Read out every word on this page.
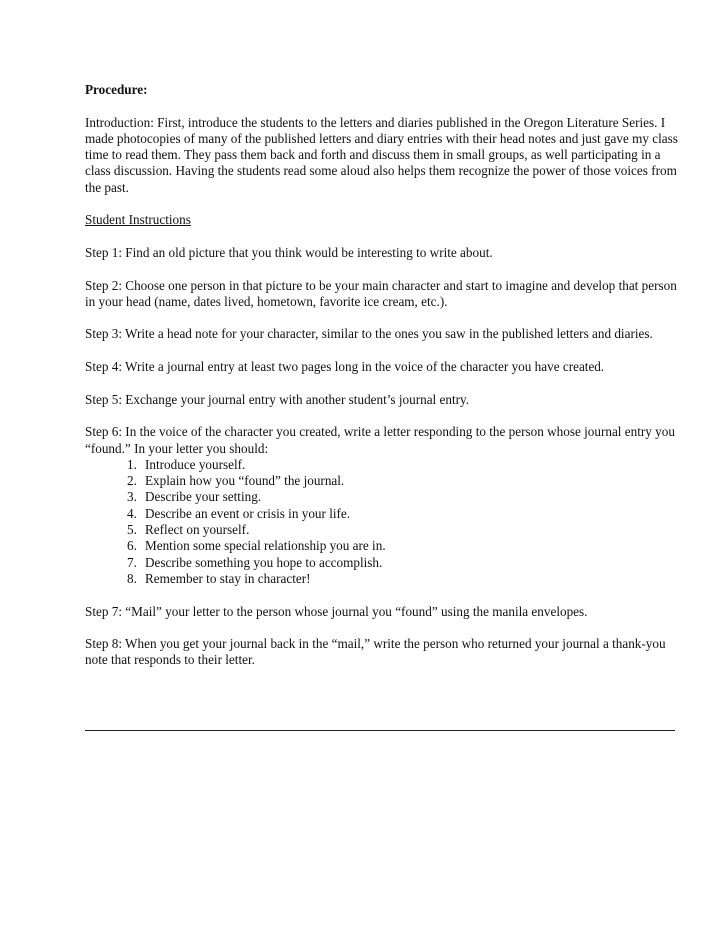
Procedure:

Introduction: First, introduce the students to the letters and diaries published in the Oregon Literature Series. I made photocopies of many of the published letters and diary entries with their head notes and just gave my class time to read them. They pass them back and forth and discuss them in small groups, as well participating in a class discussion. Having the students read some aloud also helps them recognize the power of those voices from the past.

Student Instructions

Step 1: Find an old picture that you think would be interesting to write about.

Step 2: Choose one person in that picture to be your main character and start to imagine and develop that person in your head (name, dates lived, hometown, favorite ice cream, etc.).

Step 3: Write a head note for your character, similar to the ones you saw in the published letters and diaries.

Step 4: Write a journal entry at least two pages long in the voice of the character you have created.

Step 5: Exchange your journal entry with another student’s journal entry.

Step 6: In the voice of the character you created, write a letter responding to the person whose journal entry you “found.” In your letter you should:
1. Introduce yourself.
2. Explain how you “found” the journal.
3. Describe your setting.
4. Describe an event or crisis in your life.
5. Reflect on yourself.
6. Mention some special relationship you are in.
7. Describe something you hope to accomplish.
8. Remember to stay in character!

Step 7: “Mail” your letter to the person whose journal you “found” using the manila envelopes.

Step 8: When you get your journal back in the “mail,” write the person who returned your journal a thank-you note that responds to their letter.
